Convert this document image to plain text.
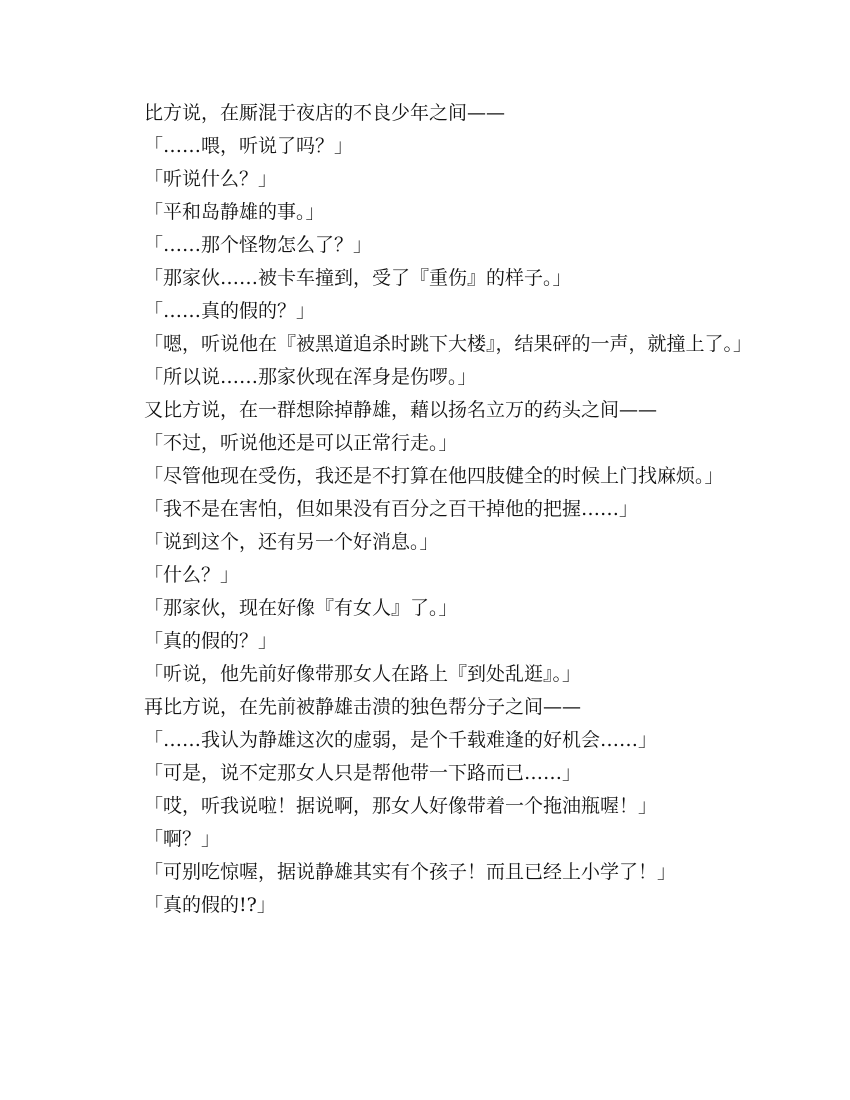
比方说，在厮混于夜店的不良少年之间——

「……喂，听说了吗？」

「听说什么？」

「平和岛静雄的事。」

「……那个怪物怎么了？」

「那家伙……被卡车撞到，受了『重伤』的样子。」

「……真的假的？」

「嗯，听说他在『被黑道追杀时跳下大楼』，结果砰的一声，就撞上了。」

「所以说……那家伙现在浑身是伤啰。」

又比方说，在一群想除掉静雄，藉以扬名立万的药头之间——

「不过，听说他还是可以正常行走。」

「尽管他现在受伤，我还是不打算在他四肢健全的时候上门找麻烦。」

「我不是在害怕，但如果没有百分之百干掉他的把握……」

「说到这个，还有另一个好消息。」

「什么？」

「那家伙，现在好像『有女人』了。」

「真的假的？」

「听说，他先前好像带那女人在路上『到处乱逛』。」

再比方说，在先前被静雄击溃的独色帮分子之间——

「……我认为静雄这次的虚弱，是个千载难逢的好机会……」

「可是，说不定那女人只是帮他带一下路而已……」

「哎，听我说啦！据说啊，那女人好像带着一个拖油瓶喔！」

「啊？」

「可别吃惊喔，据说静雄其实有个孩子！而且已经上小学了！」

「真的假的!?」
